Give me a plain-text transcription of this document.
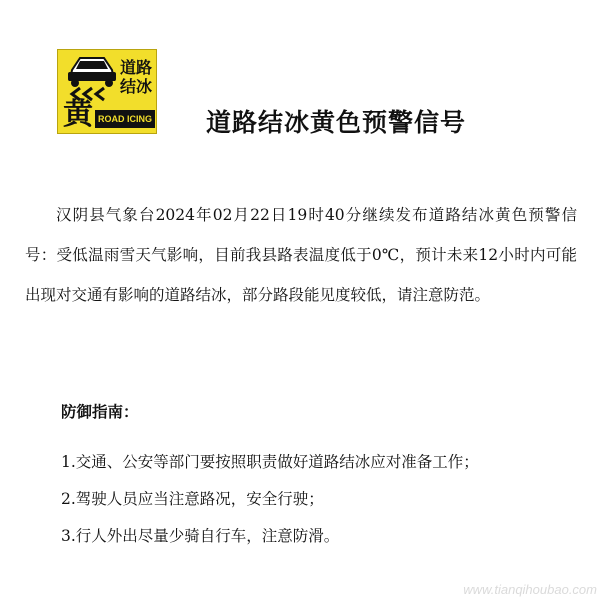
道路结冰
黄 ROAD ICING 道路结冰黄色预警信号

汉阴县气象台2024年02月22日19时40分继续发布道路结冰黄色预警信号：受低温雨雪天气影响，目前我县路表温度低于0℃，预计未来12小时内可能出现对交通有影响的道路结冰，部分路段能见度较低，请注意防范。

防御指南：
1.交通、公安等部门要按照职责做好道路结冰应对准备工作；
2.驾驶人员应当注意路况，安全行驶；
3.行人外出尽量少骑自行车，注意防滑。
www.tianqihoubao.com
